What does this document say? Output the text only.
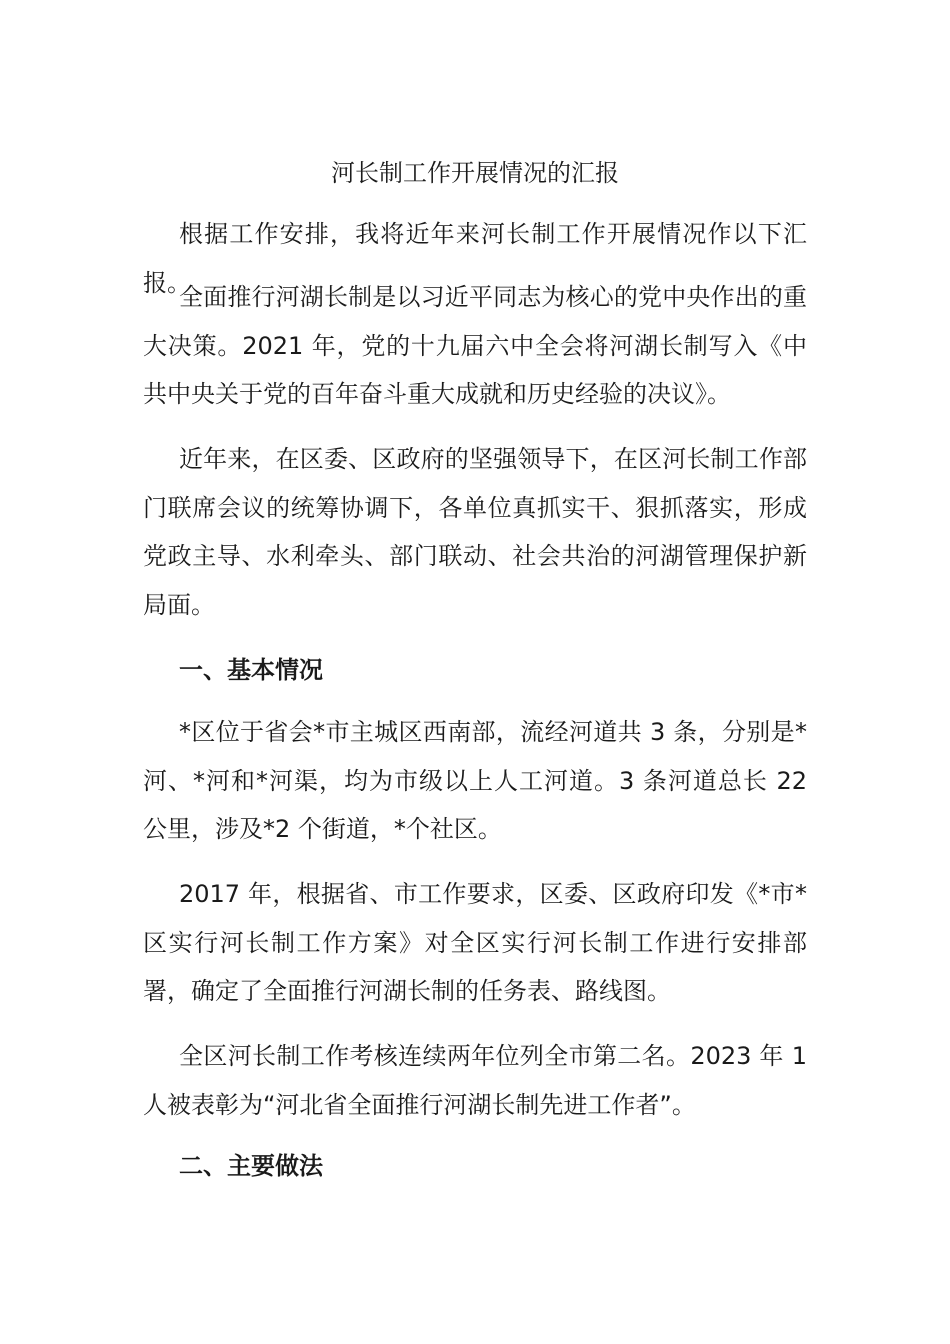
河长制工作开展情况的汇报

根据工作安排，我将近年来河长制工作开展情况作以下汇报。

全面推行河湖长制是以习近平同志为核心的党中央作出的重大决策。2021 年，党的十九届六中全会将河湖长制写入《中共中央关于党的百年奋斗重大成就和历史经验的决议》。

近年来，在区委、区政府的坚强领导下，在区河长制工作部门联席会议的统筹协调下，各单位真抓实干、狠抓落实，形成党政主导、水利牵头、部门联动、社会共治的河湖管理保护新局面。

一、基本情况

*区位于省会*市主城区西南部，流经河道共 3 条，分别是*河、*河和*河渠，均为市级以上人工河道。3 条河道总长 22 公里，涉及*2 个街道，*个社区。

2017 年，根据省、市工作要求，区委、区政府印发《*市*区实行河长制工作方案》对全区实行河长制工作进行安排部署，确定了全面推行河湖长制的任务表、路线图。

全区河长制工作考核连续两年位列全市第二名。2023 年 1 人被表彰为“河北省全面推行河湖长制先进工作者”。

二、主要做法
